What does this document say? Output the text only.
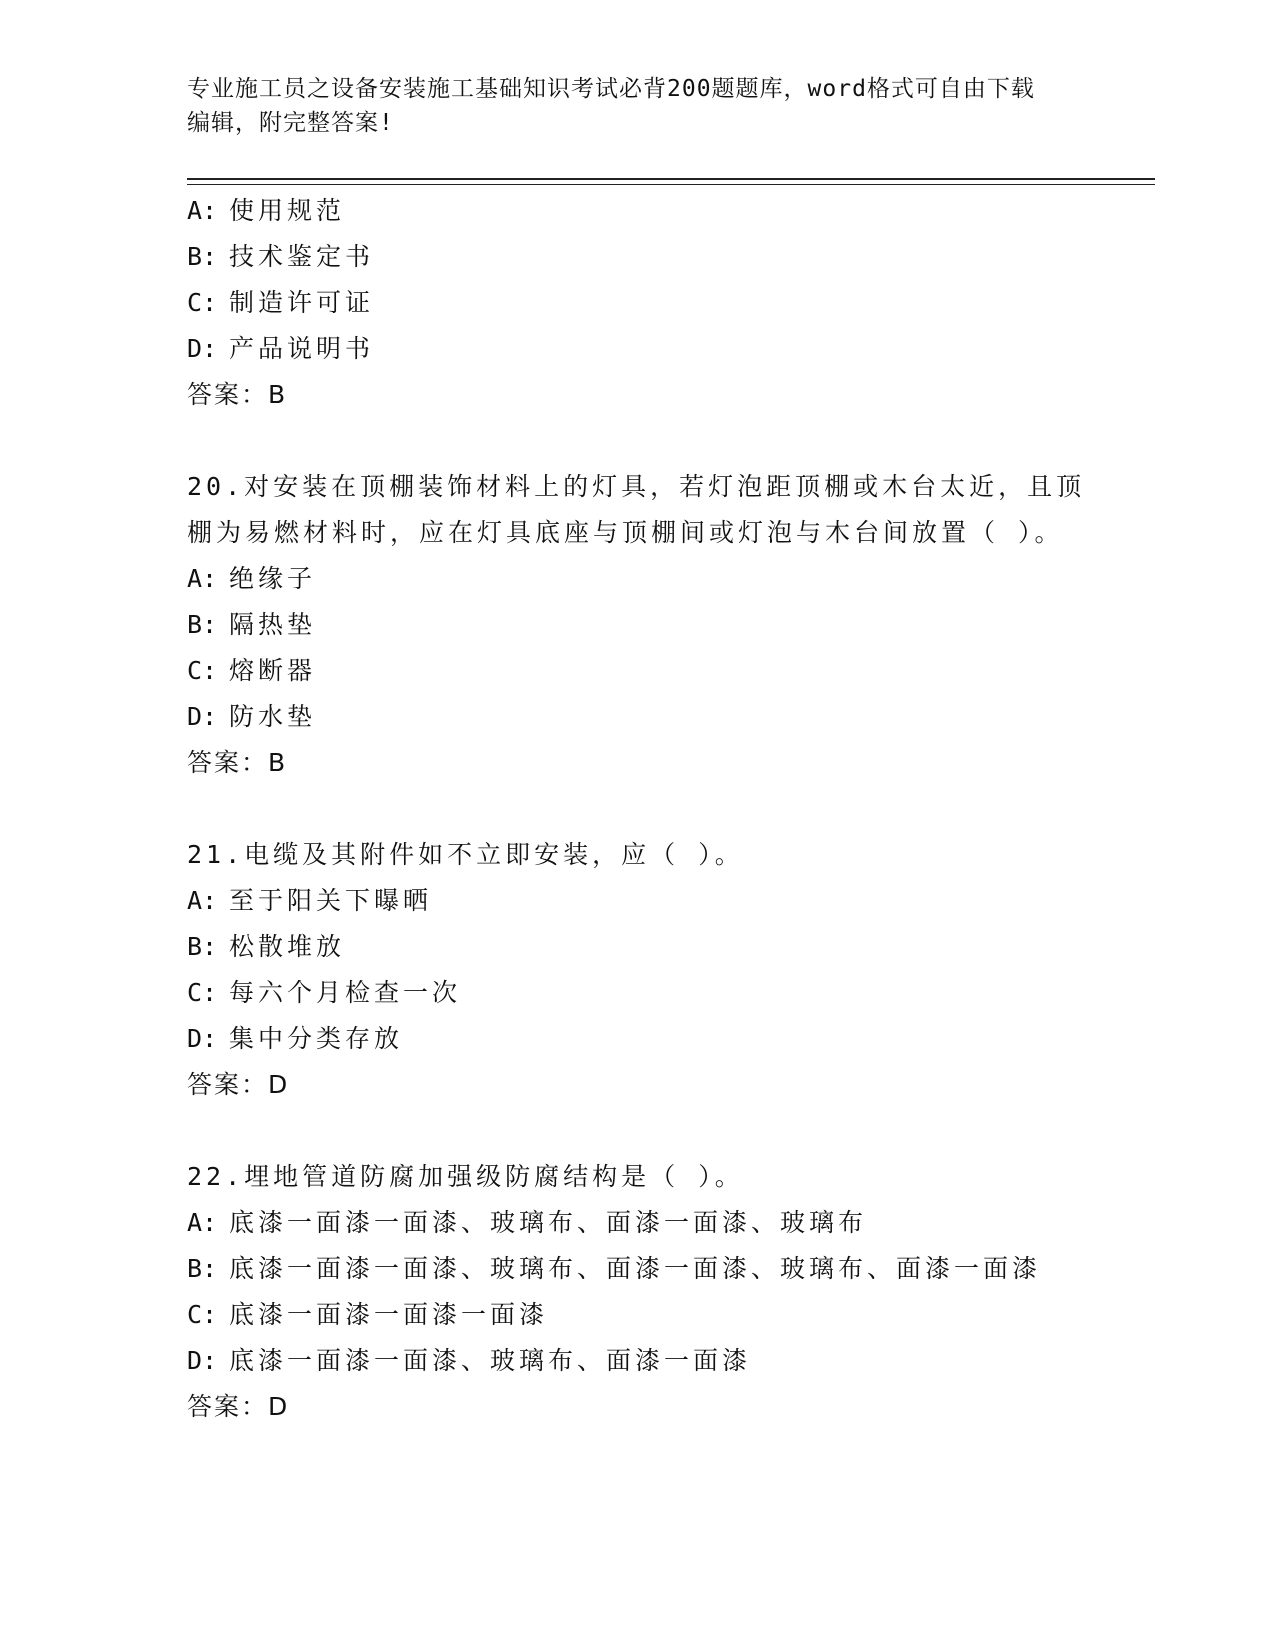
专业施工员之设备安装施工基础知识考试必背200题题库，word格式可自由下载
编辑，附完整答案!
A: 使用规范
B: 技术鉴定书
C: 制造许可证
D: 产品说明书
答案：B
20.对安装在顶棚装饰材料上的灯具，若灯泡距顶棚或木台太近，且顶
棚为易燃材料时，应在灯具底座与顶棚间或灯泡与木台间放置（ ）。
A: 绝缘子
B: 隔热垫
C: 熔断器
D: 防水垫
答案：B
21.电缆及其附件如不立即安装，应（ ）。
A: 至于阳关下曝晒
B: 松散堆放
C: 每六个月检查一次
D: 集中分类存放
答案：D
22.埋地管道防腐加强级防腐结构是（ ）。
A: 底漆一面漆一面漆、玻璃布、面漆一面漆、玻璃布
B: 底漆一面漆一面漆、玻璃布、面漆一面漆、玻璃布、面漆一面漆
C: 底漆一面漆一面漆一面漆
D: 底漆一面漆一面漆、玻璃布、面漆一面漆
答案：D
